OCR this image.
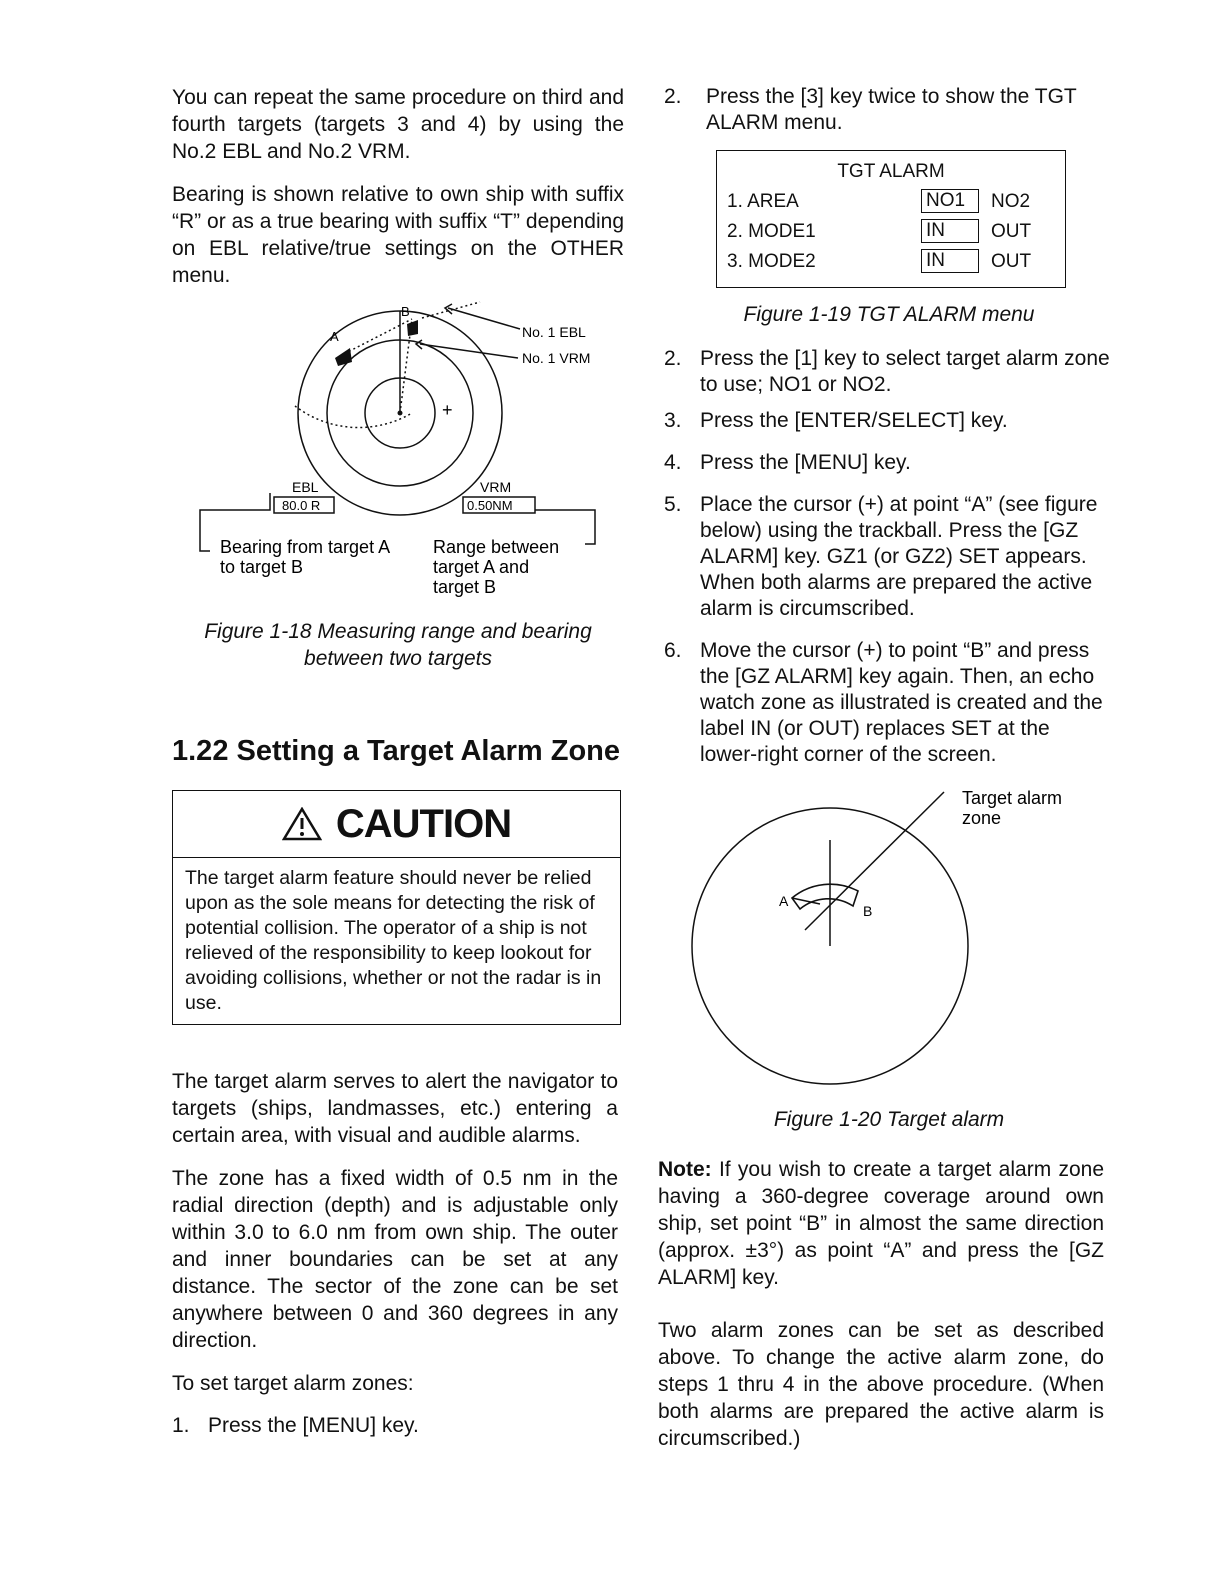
You can repeat the same procedure on third and fourth targets (targets 3 and 4) by using the No.2 EBL and No.2 VRM.

Bearing is shown relative to own ship with suffix “R” or as a true bearing with suffix “T” depending on EBL relative/true settings on the OTHER menu.

+
A
B
No. 1 EBL
No. 1 VRM
EBL
80.0 R
VRM
0.50NM
Bearing from target A
to target B
Range between
target A and
target B

Figure 1-18 Measuring range and bearing

between two targets

1.22 Setting a Target Alarm Zone
CAUTION
The target alarm feature should never be relied upon as the sole means for detecting the risk of potential collision. The operator of a ship is not relieved of the responsibility to keep lookout for avoiding collisions, whether or not the radar is in use.

The target alarm serves to alert the navigator to targets (ships, landmasses, etc.) entering a certain area, with visual and audible alarms.

The zone has a fixed width of 0.5 nm in the radial direction (depth) and is adjustable only within 3.0 to 6.0 nm from own ship. The outer and inner boundaries can be set at any distance. The sector of the zone can be set anywhere between 0 and 360 degrees in any direction.

To set target alarm zones:

1. Press the [MENU] key.
2. Press the [3] key twice to show the TGT ALARM menu.
TGT ALARM
1. AREA	NO1	NO2
2. MODE1	IN	OUT
3. MODE2	IN	OUT

Figure 1-19 TGT ALARM menu

2. Press the [1] key to select target alarm zone to use; NO1 or NO2.
3. Press the [ENTER/SELECT] key.
4. Press the [MENU] key.
5. Place the cursor (+) at point “A” (see figure below) using the trackball. Press the [GZ ALARM] key. GZ1 (or GZ2) SET appears. When both alarms are prepared the active alarm is circumscribed.
6. Move the cursor (+) to point “B” and press the [GZ ALARM] key again. Then, an echo watch zone as illustrated is created and the label IN (or OUT) replaces SET at the lower-right corner of the screen.
Target alarm
zone
A
B

Figure 1-20 Target alarm

Note: If you wish to create a target alarm zone having a 360-degree coverage around own ship, set point “B” in almost the same direction (approx. ±3°) as point “A” and press the [GZ ALARM] key.

Two alarm zones can be set as described above. To change the active alarm zone, do steps 1 thru 4 in the above procedure. (When both alarms are prepared the active alarm is circumscribed.)
